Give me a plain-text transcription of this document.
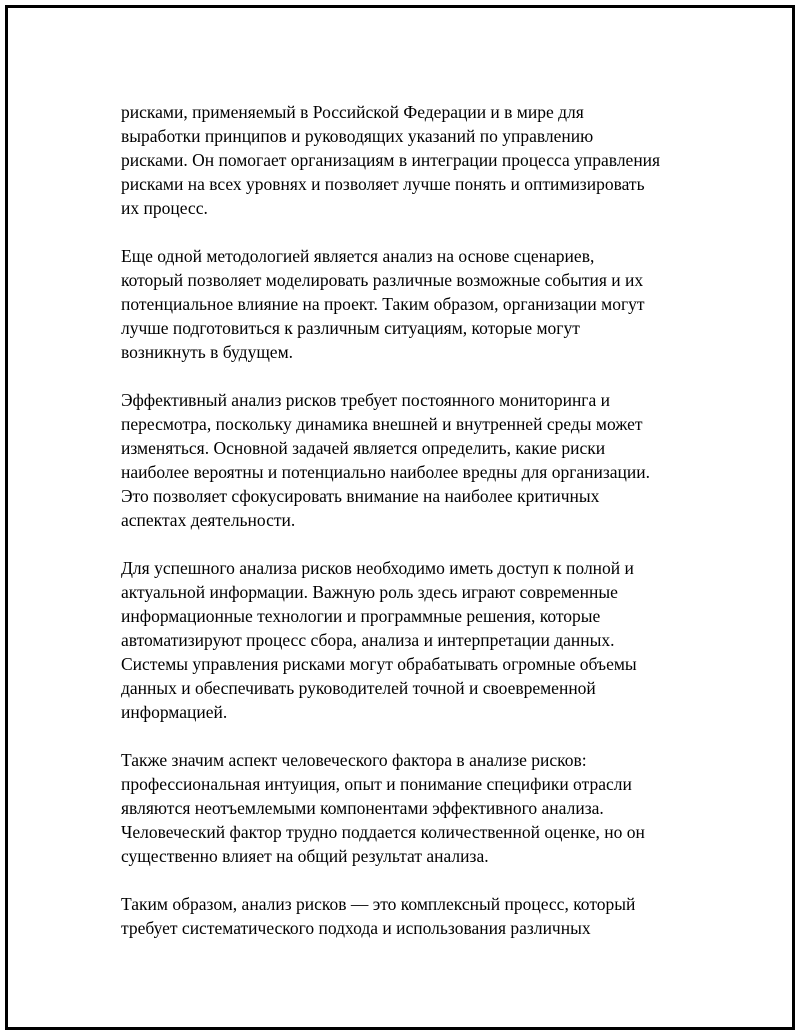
рисками, применяемый в Российской Федерации и в мире для
выработки принципов и руководящих указаний по управлению
рисками. Он помогает организациям в интеграции процесса управления
рисками на всех уровнях и позволяет лучше понять и оптимизировать
их процесс.

Еще одной методологией является анализ на основе сценариев,
который позволяет моделировать различные возможные события и их
потенциальное влияние на проект. Таким образом, организации могут
лучше подготовиться к различным ситуациям, которые могут
возникнуть в будущем.

Эффективный анализ рисков требует постоянного мониторинга и
пересмотра, поскольку динамика внешней и внутренней среды может
изменяться. Основной задачей является определить, какие риски
наиболее вероятны и потенциально наиболее вредны для организации.
Это позволяет сфокусировать внимание на наиболее критичных
аспектах деятельности.

Для успешного анализа рисков необходимо иметь доступ к полной и
актуальной информации. Важную роль здесь играют современные
информационные технологии и программные решения, которые
автоматизируют процесс сбора, анализа и интерпретации данных.
Системы управления рисками могут обрабатывать огромные объемы
данных и обеспечивать руководителей точной и своевременной
информацией.

Также значим аспект человеческого фактора в анализе рисков:
профессиональная интуиция, опыт и понимание специфики отрасли
являются неотъемлемыми компонентами эффективного анализа.
Человеческий фактор трудно поддается количественной оценке, но он
существенно влияет на общий результат анализа.

Таким образом, анализ рисков — это комплексный процесс, который
требует систематического подхода и использования различных
